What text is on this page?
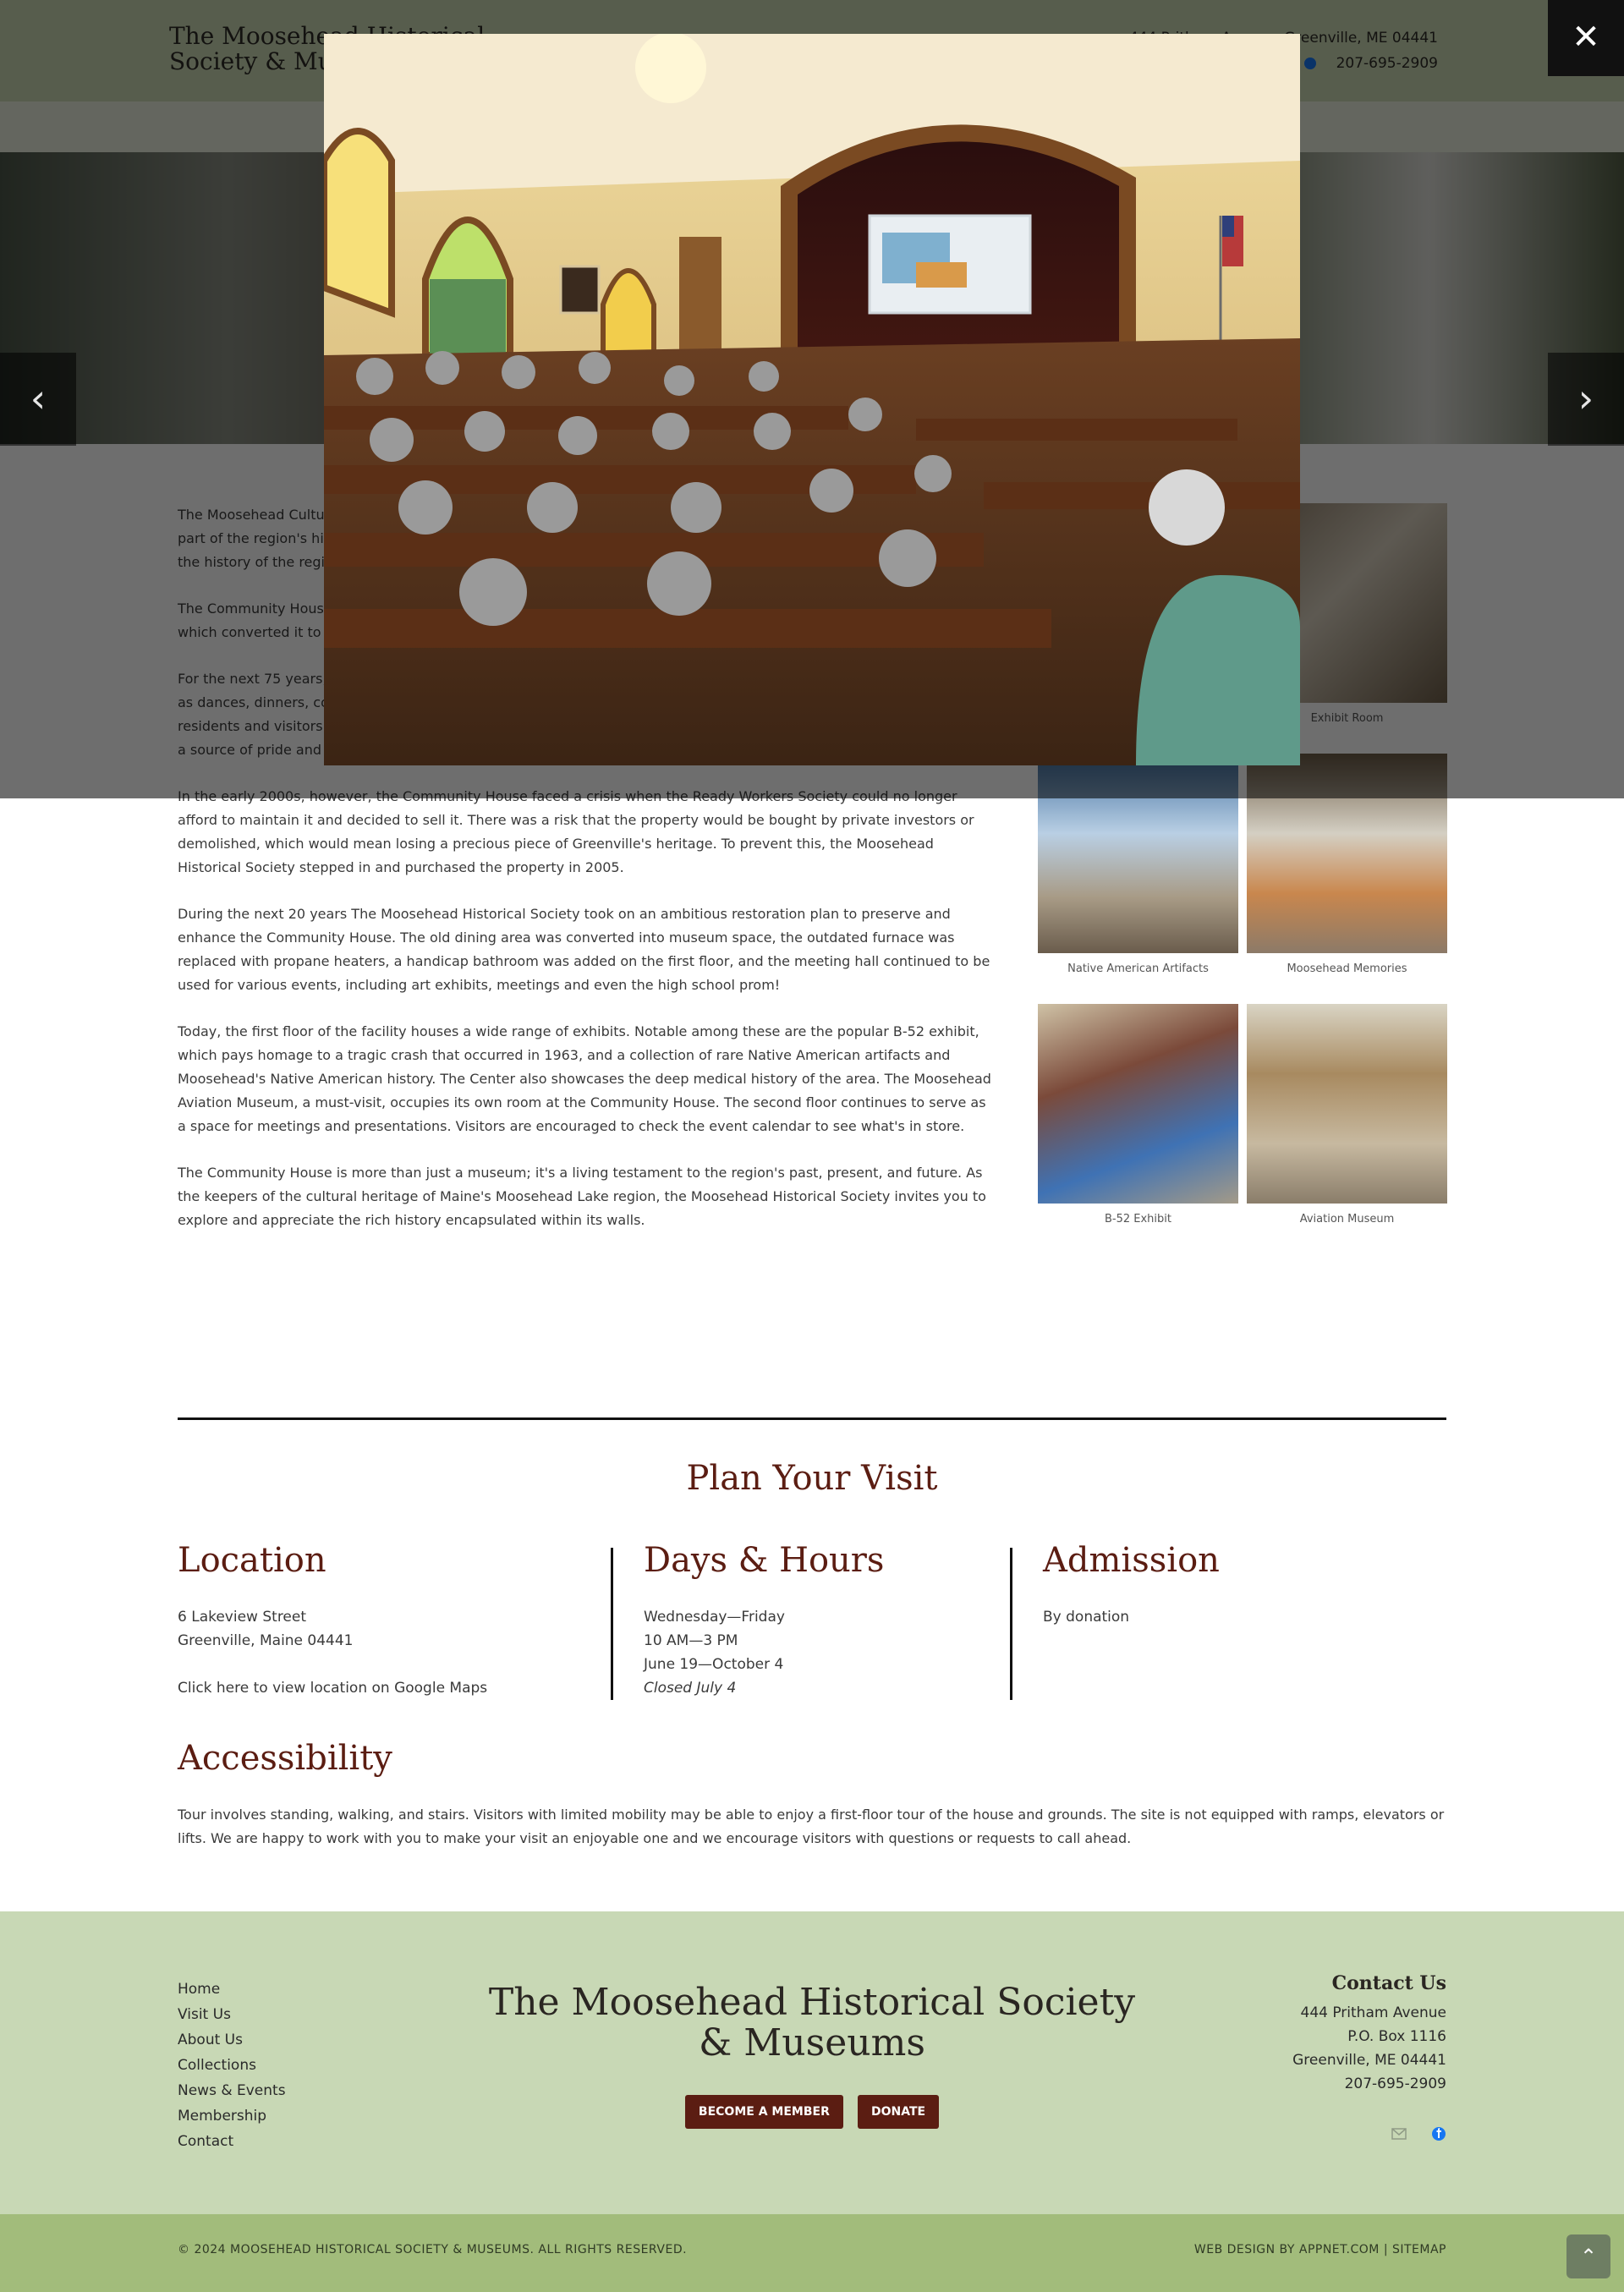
afford to maintain it and decided to sell it. There was a risk that the property would be bought by private investors or demolished, which would mean losing a precious piece of Greenville's heritage. To prevent this, the Moosehead Historical Society stepped in and purchased the property in 2005.

During the next 20 years The Moosehead Historical Society took on an ambitious restoration plan to preserve and enhance the Community House. The old dining area was converted into museum space, the outdated furnace was replaced with propane heaters, a handicap bathroom was added on the first floor, and the meeting hall continued to be used for various events, including art exhibits, meetings and even the high school prom!

Today, the first floor of the facility houses a wide range of exhibits. Notable among these are the popular B-52 exhibit, which pays homage to a tragic crash that occurred in 1963, and a collection of rare Native American artifacts and Moosehead's Native American history. The Center also showcases the deep medical history of the area. The Moosehead Aviation Museum, a must-visit, occupies its own room at the Community House. The second floor continues to serve as a space for meetings and presentations. Visitors are encouraged to check the event calendar to see what's in store.

The Community House is more than just a museum; it's a living testament to the region's past, present, and future. As the keepers of the cultural heritage of Maine's Moosehead Lake region, the Moosehead Historical Society invites you to explore and appreciate the rich history encapsulated within its walls.

Native American Artifacts	Moosehead Memories
B-52 Exhibit	Aviation Museum
Plan Your Visit
Location
6 Lakeview Street
Greenville, Maine 04441
Click here to view location on Google Maps
Days & Hours
Wednesday—Friday
10 AM—3 PM
June 19—October 4
Closed July 4
Admission
By donation
Accessibility
Tour involves standing, walking, and stairs. Visitors with limited mobility may be able to enjoy a first-floor tour of the house and grounds. The site is not equipped with ramps, elevators or lifts. We are happy to work with you to make your visit an enjoyable one and we encourage visitors with questions or requests to call ahead.
Home
Visit Us
About Us
Collections
News & Events
Membership
Contact
The Moosehead Historical Society
& Museums
BECOME A MEMBER	DONATE
Contact Us
444 Pritham Avenue
P.O. Box 1116
Greenville, ME 04441
207-695-2909

© 2024 MOOSEHEAD HISTORICAL SOCIETY & MUSEUMS. ALL RIGHTS RESERVED.	WEB DESIGN BY APPNET.COM | SITEMAP	⌃
✕
‹	›
